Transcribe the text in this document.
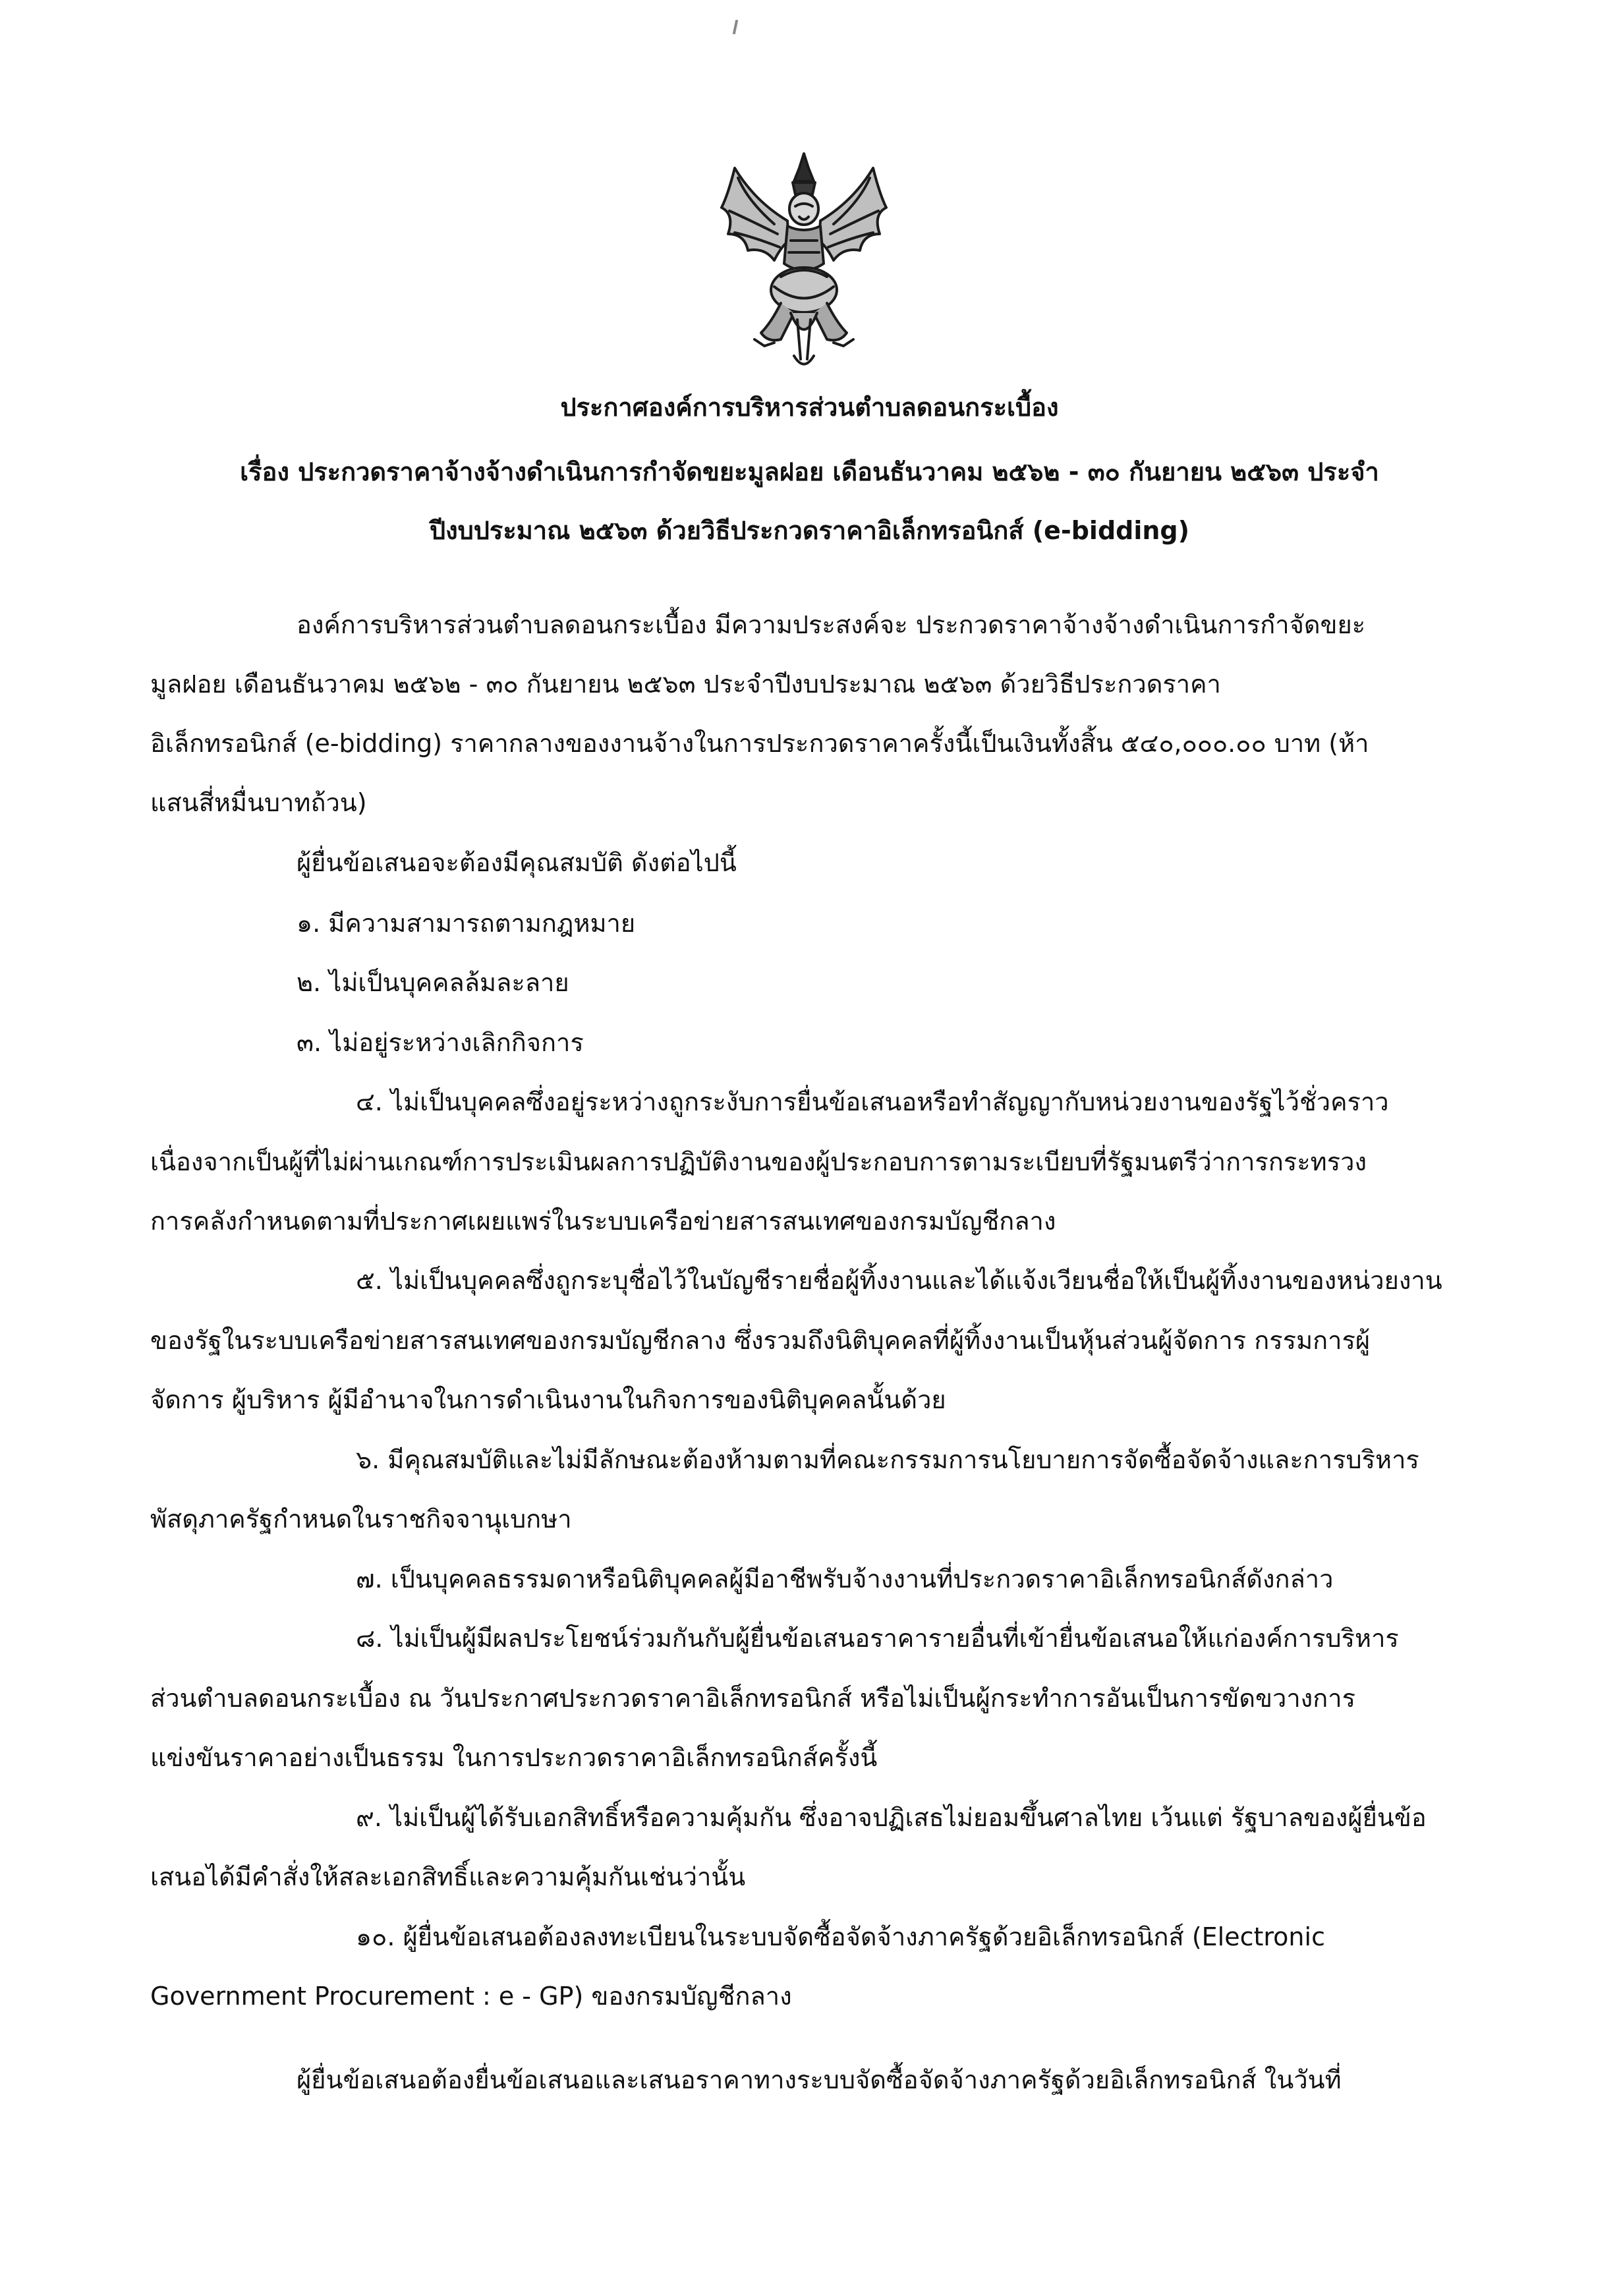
ประกาศองค์การบริหารส่วนตำบลดอนกระเบื้อง
เรื่อง ประกวดราคาจ้างจ้างดำเนินการกำจัดขยะมูลฝอย เดือนธันวาคม ๒๕๖๒ - ๓๐ กันยายน ๒๕๖๓ ประจำ
ปีงบประมาณ ๒๕๖๓ ด้วยวิธีประกวดราคาอิเล็กทรอนิกส์ (e-bidding)
องค์การบริหารส่วนตำบลดอนกระเบื้อง มีความประสงค์จะ ประกวดราคาจ้างจ้างดำเนินการกำจัดขยะ
มูลฝอย เดือนธันวาคม ๒๕๖๒ - ๓๐ กันยายน ๒๕๖๓ ประจำปีงบประมาณ ๒๕๖๓ ด้วยวิธีประกวดราคา
อิเล็กทรอนิกส์ (e-bidding) ราคากลางของงานจ้างในการประกวดราคาครั้งนี้เป็นเงินทั้งสิ้น ๕๔๐,๐๐๐.๐๐ บาท (ห้า
แสนสี่หมื่นบาทถ้วน)
ผู้ยื่นข้อเสนอจะต้องมีคุณสมบัติ ดังต่อไปนี้
๑. มีความสามารถตามกฎหมาย
๒. ไม่เป็นบุคคลล้มละลาย
๓. ไม่อยู่ระหว่างเลิกกิจการ
๔. ไม่เป็นบุคคลซึ่งอยู่ระหว่างถูกระงับการยื่นข้อเสนอหรือทำสัญญากับหน่วยงานของรัฐไว้ชั่วคราว
เนื่องจากเป็นผู้ที่ไม่ผ่านเกณฑ์การประเมินผลการปฏิบัติงานของผู้ประกอบการตามระเบียบที่รัฐมนตรีว่าการกระทรวง
การคลังกำหนดตามที่ประกาศเผยแพร่ในระบบเครือข่ายสารสนเทศของกรมบัญชีกลาง
๕. ไม่เป็นบุคคลซึ่งถูกระบุชื่อไว้ในบัญชีรายชื่อผู้ทิ้งงานและได้แจ้งเวียนชื่อให้เป็นผู้ทิ้งงานของหน่วยงาน
ของรัฐในระบบเครือข่ายสารสนเทศของกรมบัญชีกลาง ซึ่งรวมถึงนิติบุคคลที่ผู้ทิ้งงานเป็นหุ้นส่วนผู้จัดการ กรรมการผู้
จัดการ ผู้บริหาร ผู้มีอำนาจในการดำเนินงานในกิจการของนิติบุคคลนั้นด้วย
๖. มีคุณสมบัติและไม่มีลักษณะต้องห้ามตามที่คณะกรรมการนโยบายการจัดซื้อจัดจ้างและการบริหาร
พัสดุภาครัฐกำหนดในราชกิจจานุเบกษา
๗. เป็นบุคคลธรรมดาหรือนิติบุคคลผู้มีอาชีพรับจ้างงานที่ประกวดราคาอิเล็กทรอนิกส์ดังกล่าว
๘. ไม่เป็นผู้มีผลประโยชน์ร่วมกันกับผู้ยื่นข้อเสนอราคารายอื่นที่เข้ายื่นข้อเสนอให้แก่องค์การบริหาร
ส่วนตำบลดอนกระเบื้อง ณ วันประกาศประกวดราคาอิเล็กทรอนิกส์ หรือไม่เป็นผู้กระทำการอันเป็นการขัดขวางการ
แข่งขันราคาอย่างเป็นธรรม ในการประกวดราคาอิเล็กทรอนิกส์ครั้งนี้
๙. ไม่เป็นผู้ได้รับเอกสิทธิ์หรือความคุ้มกัน ซึ่งอาจปฏิเสธไม่ยอมขึ้นศาลไทย เว้นแต่ รัฐบาลของผู้ยื่นข้อ
เสนอได้มีคำสั่งให้สละเอกสิทธิ์และความคุ้มกันเช่นว่านั้น
๑๐. ผู้ยื่นข้อเสนอต้องลงทะเบียนในระบบจัดซื้อจัดจ้างภาครัฐด้วยอิเล็กทรอนิกส์ (Electronic
Government Procurement : e - GP) ของกรมบัญชีกลาง
ผู้ยื่นข้อเสนอต้องยื่นข้อเสนอและเสนอราคาทางระบบจัดซื้อจัดจ้างภาครัฐด้วยอิเล็กทรอนิกส์ ในวันที่
